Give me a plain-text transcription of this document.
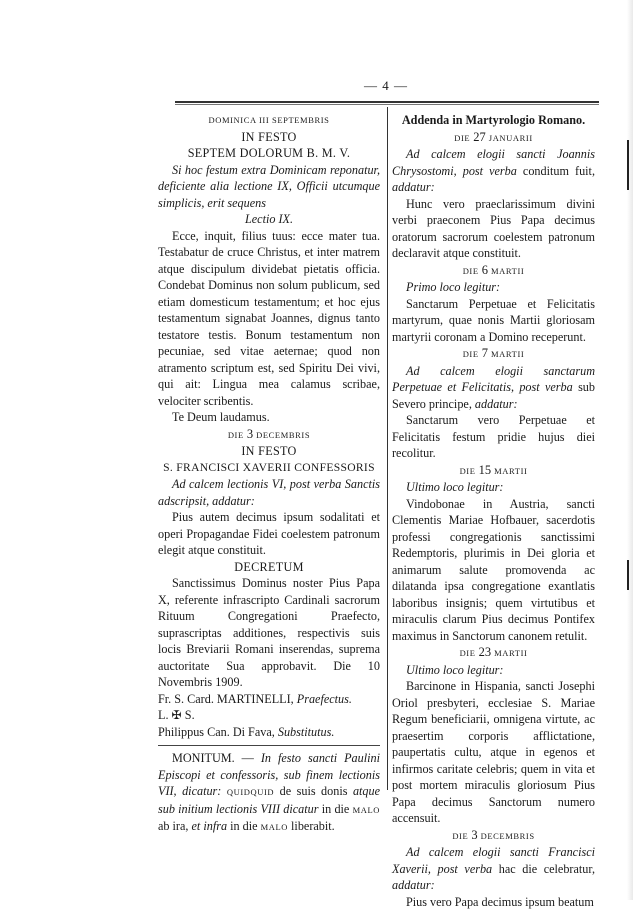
— 4 —

DOMINICA III SEPTEMBRIS

IN FESTO

SEPTEM DOLORUM B. M. V.

Si hoc festum extra Dominicam reponatur, deficiente alia lectione IX, Officii utcumque simplicis, erit sequens

Lectio IX.

Ecce, inquit, filius tuus: ecce mater tua. Testabatur de cruce Christus, et inter matrem atque discipulum dividebat pietatis officia. Condebat Dominus non solum publicum, sed etiam domesticum testamentum; et hoc ejus testamentum signabat Joannes, dignus tanto testatore testis. Bonum testamentum non pecuniae, sed vitae aeternae; quod non atramento scriptum est, sed Spiritu Dei vivi, qui ait: Lingua mea calamus scribae, velociter scribentis.

Te Deum laudamus.

DIE 3 DECEMBRIS

IN FESTO

S. FRANCISCI XAVERII CONFESSORIS

Ad calcem lectionis VI, post verba Sanctis adscripsit, addatur:

Pius autem decimus ipsum sodalitati et operi Propagandae Fidei coelestem patronum elegit atque constituit.

DECRETUM

Sanctissimus Dominus noster Pius Papa X, referente infrascripto Cardinali sacrorum Rituum Congregationi Praefecto, suprascriptas additiones, respectivis suis locis Breviarii Romani inserendas, suprema auctoritate Sua approbavit. Die 10 Novembris 1909.

Fr. S. Card. MARTINELLI, Praefectus.

L. ✠ S.

Philippus Can. Di Fava, Substitutus.

MONITUM. — In festo sancti Paulini Episcopi et confessoris, sub finem lectionis VII, dicatur: QUIDQUID de suis donis atque sub initium lectionis VIII dicatur in die MALO ab ira, et infra in die MALO liberabit.

Addenda in Martyrologio Romano.

DIE 27 JANUARII

Ad calcem elogii sancti Joannis Chrysostomi, post verba conditum fuit, addatur:

Hunc vero praeclarissimum divini verbi praeconem Pius Papa decimus oratorum sacrorum coelestem patronum declaravit atque constituit.

DIE 6 MARTII

Primo loco legitur:

Sanctarum Perpetuae et Felicitatis martyrum, quae nonis Martii gloriosam martyrii coronam a Domino receperunt.

DIE 7 MARTII

Ad calcem elogii sanctarum Perpetuae et Felicitatis, post verba sub Severo principe, addatur:

Sanctarum vero Perpetuae et Felicitatis festum pridie hujus diei recolitur.

DIE 15 MARTII

Ultimo loco legitur:

Vindobonae in Austria, sancti Clementis Mariae Hofbauer, sacerdotis professi congregationis sanctissimi Redemptoris, plurimis in Dei gloria et animarum salute promovenda ac dilatanda ipsa congregatione exantlatis laboribus insignis; quem virtutibus et miraculis clarum Pius decimus Pontifex maximus in Sanctorum canonem retulit.

DIE 23 MARTII

Ultimo loco legitur:

Barcinone in Hispania, sancti Josephi Oriol presbyteri, ecclesiae S. Mariae Regum beneficiarii, omnigena virtute, ac praesertim corporis afflictatione, paupertatis cultu, atque in egenos et infirmos caritate celebris; quem in vita et post mortem miraculis gloriosum Pius Papa decimus Sanctorum numero accensuit.

DIE 3 DECEMBRIS

Ad calcem elogii sancti Francisci Xaverii, post verba hac die celebratur, addatur:

Pius vero Papa decimus ipsum beatum
